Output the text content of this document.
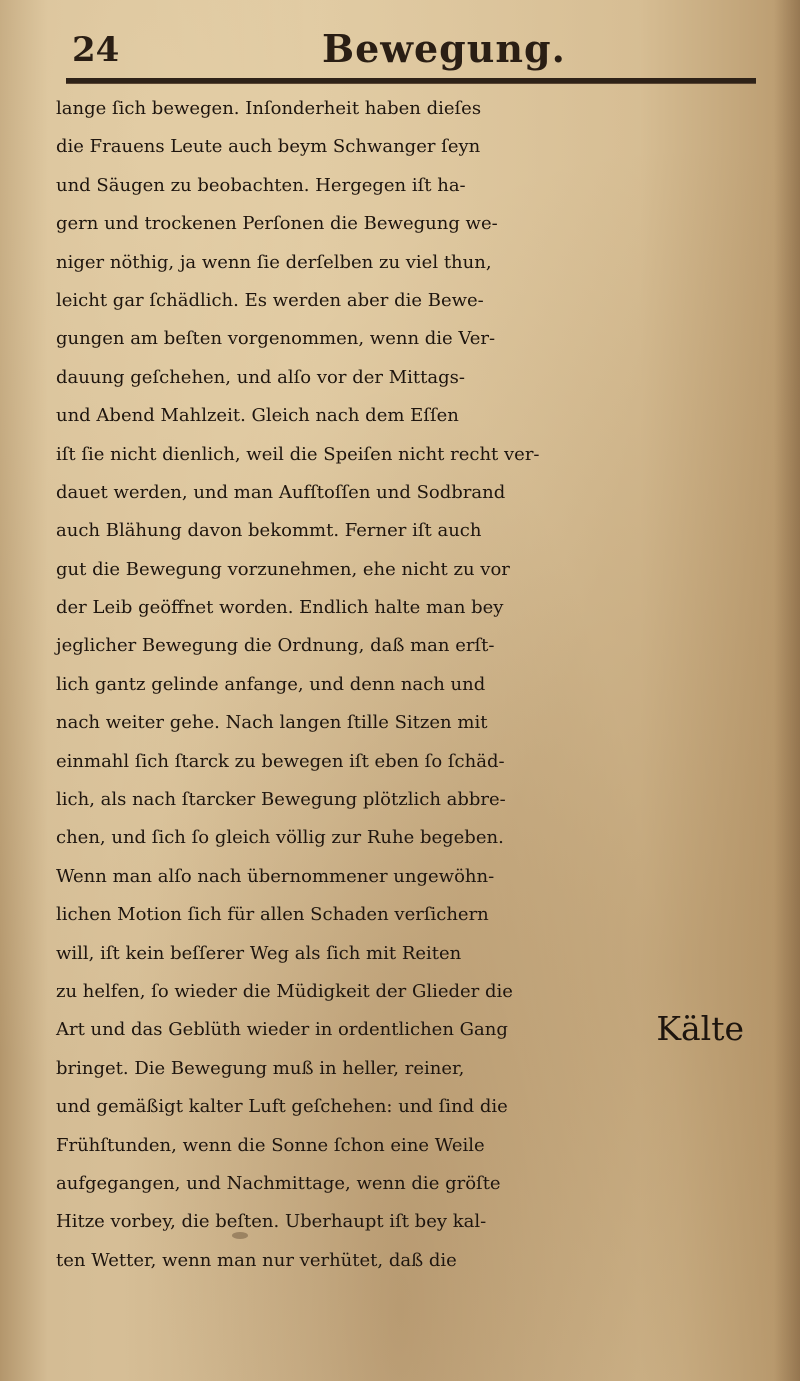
24	Bewegung.
lange ſich bewegen. Inſonderheit haben dieſes
die Frauens Leute auch beym Schwanger ſeyn
und Säugen zu beobachten. Hergegen iſt ha-
gern und trockenen Perſonen die Bewegung we-
niger nöthig, ja wenn ſie derſelben zu viel thun,
leicht gar ſchädlich. Es werden aber die Bewe-
gungen am beſten vorgenommen, wenn die Ver-
dauung geſchehen, und alſo vor der Mittags-
und Abend Mahlzeit. Gleich nach dem Eſſen
iſt ſie nicht dienlich, weil die Speiſen nicht recht ver-
dauet werden, und man Aufſtoſſen und Sodbrand
auch Blähung davon bekommt. Ferner iſt auch
gut die Bewegung vorzunehmen, ehe nicht zu vor
der Leib geöffnet worden. Endlich halte man bey
jeglicher Bewegung die Ordnung, daß man erſt-
lich gantz gelinde anfange, und denn nach und
nach weiter gehe. Nach langen ſtille Sitzen mit
einmahl ſich ſtarck zu bewegen iſt eben ſo ſchäd-
lich, als nach ſtarcker Bewegung plötzlich abbre-
chen, und ſich ſo gleich völlig zur Ruhe begeben.
Wenn man alſo nach übernommener ungewöhn-
lichen Motion ſich für allen Schaden verſichern
will, iſt kein beſſerer Weg als ſich mit Reiten
zu helfen, ſo wieder die Müdigkeit der Glieder die
Art und das Geblüth wieder in ordentlichen Gang
bringet. Die Bewegung muß in heller, reiner,
und gemäßigt kalter Luft geſchehen: und ſind die
Frühſtunden, wenn die Sonne ſchon eine Weile
aufgegangen, und Nachmittage, wenn die gröſte
Hitze vorbey, die beſten. Uberhaupt iſt bey kal-
ten Wetter, wenn man nur verhütet, daß die
Kälte
